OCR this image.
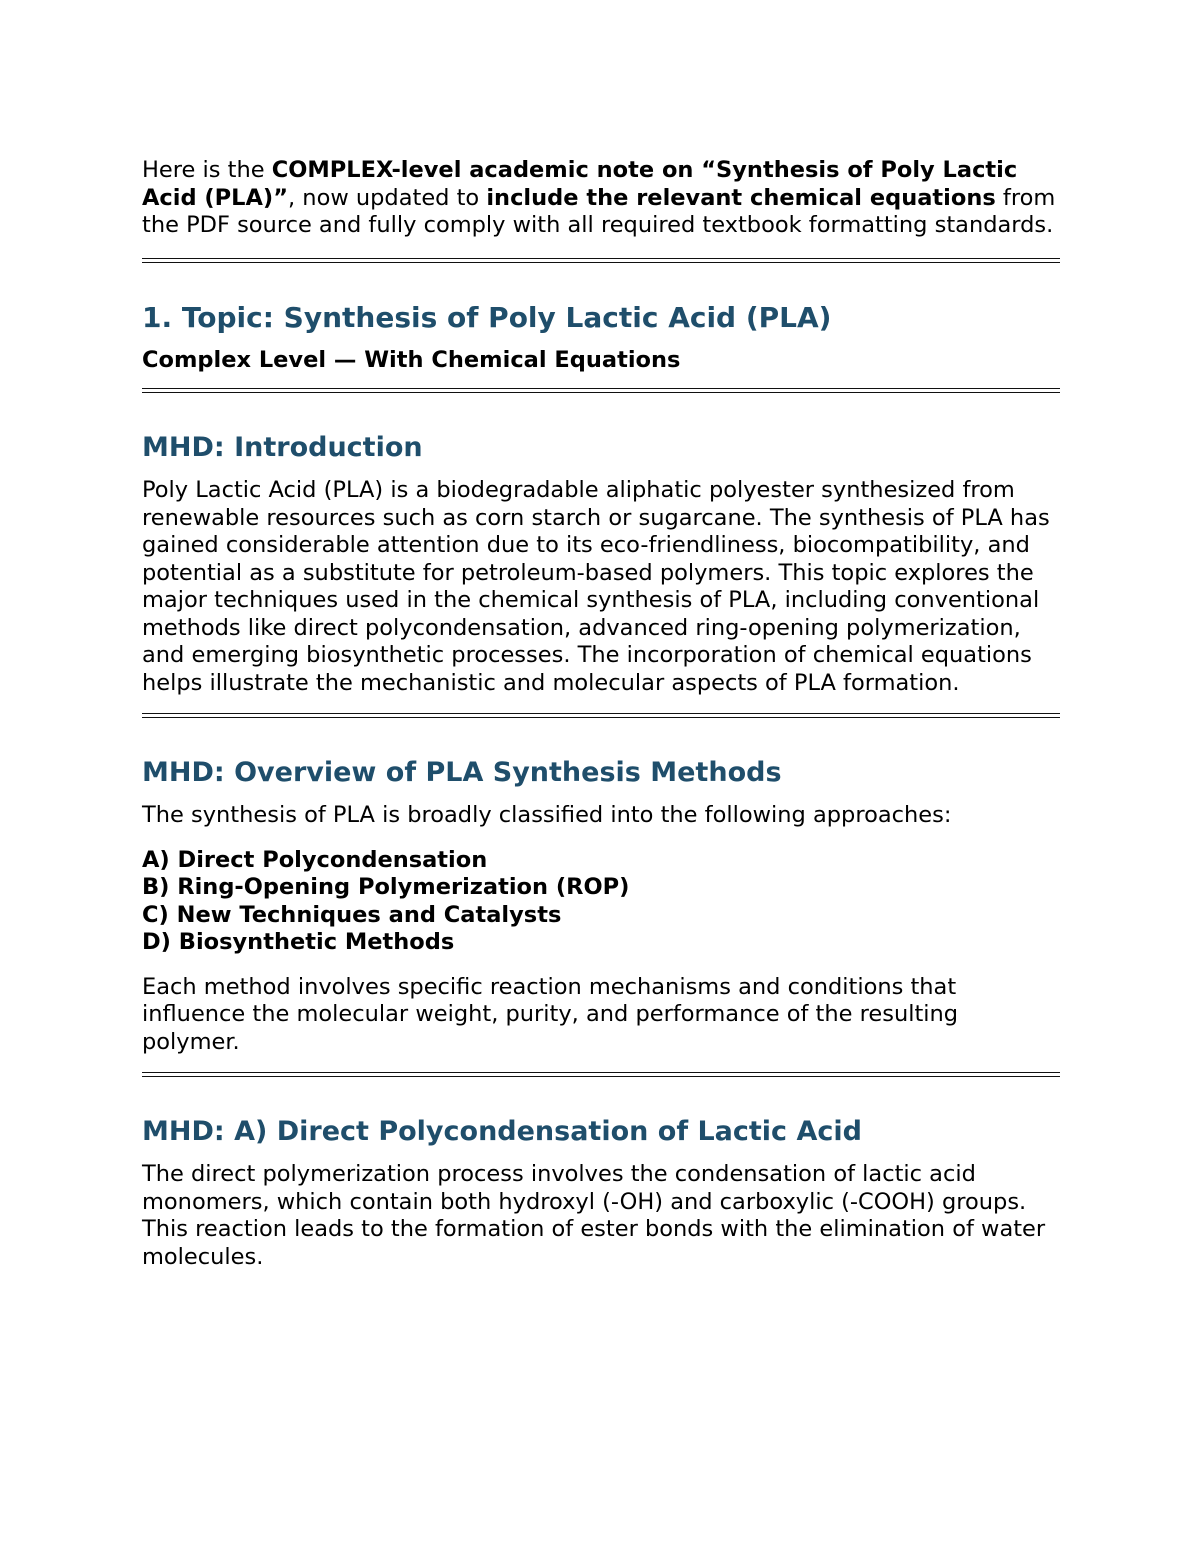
Here is the COMPLEX-level academic note on “Synthesis of Poly Lactic Acid (PLA)”, now updated to include the relevant chemical equations from the PDF source and fully comply with all required textbook formatting standards.

1. Topic: Synthesis of Poly Lactic Acid (PLA)

Complex Level — With Chemical Equations

MHD: Introduction

Poly Lactic Acid (PLA) is a biodegradable aliphatic polyester synthesized from renewable resources such as corn starch or sugarcane. The synthesis of PLA has gained considerable attention due to its eco-friendliness, biocompatibility, and potential as a substitute for petroleum-based polymers. This topic explores the major techniques used in the chemical synthesis of PLA, including conventional methods like direct polycondensation, advanced ring-opening polymerization, and emerging biosynthetic processes. The incorporation of chemical equations helps illustrate the mechanistic and molecular aspects of PLA formation.

MHD: Overview of PLA Synthesis Methods

The synthesis of PLA is broadly classified into the following approaches:

A) Direct Polycondensation
B) Ring-Opening Polymerization (ROP)
C) New Techniques and Catalysts
D) Biosynthetic Methods

Each method involves specific reaction mechanisms and conditions that influence the molecular weight, purity, and performance of the resulting polymer.

MHD: A) Direct Polycondensation of Lactic Acid

The direct polymerization process involves the condensation of lactic acid monomers, which contain both hydroxyl (-OH) and carboxylic (-COOH) groups. This reaction leads to the formation of ester bonds with the elimination of water molecules.
